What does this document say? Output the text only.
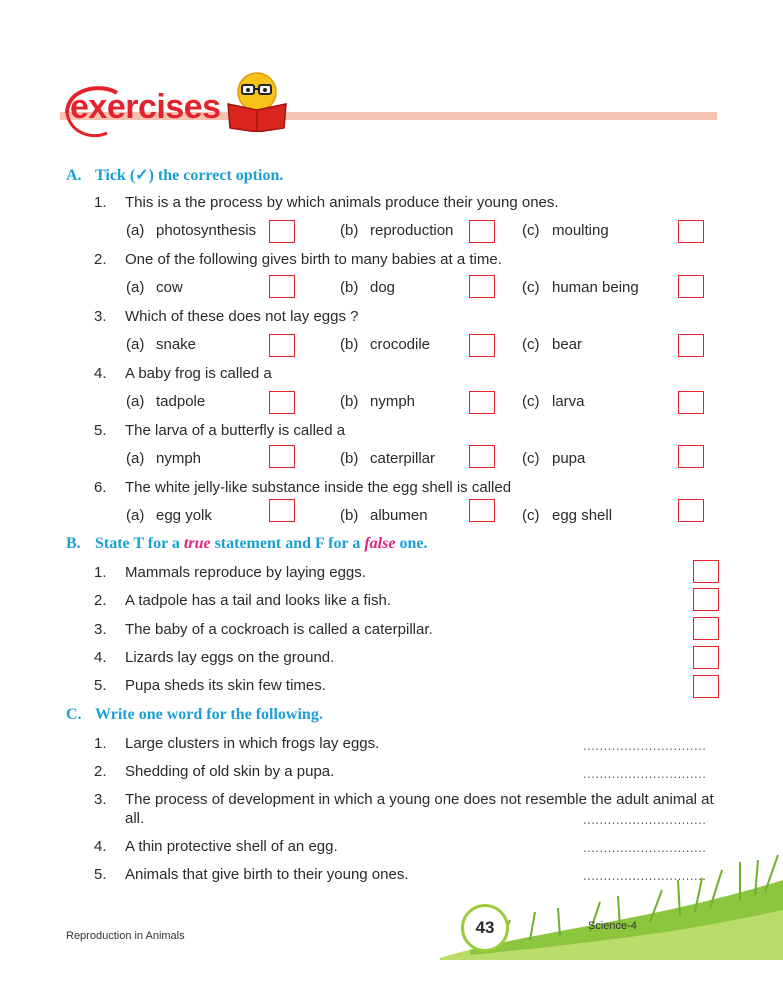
exercises
A. Tick (✓) the correct option.
1. This is a the process by which animals produce their young ones.
(a) photosynthesis	(b) reproduction	(c) moulting
2. One of the following gives birth to many babies at a time.
(a) cow	(b) dog	(c) human being
3. Which of these does not lay eggs ?
(a) snake	(b) crocodile	(c) bear
4. A baby frog is called a
(a) tadpole	(b) nymph	(c) larva
5. The larva of a butterfly is called a
(a) nymph	(b) caterpillar	(c) pupa
6. The white jelly-like substance inside the egg shell is called
(a) egg yolk	(b) albumen	(c) egg shell
B. State T for a true statement and F for a false one.
1. Mammals reproduce by laying eggs.
2. A tadpole has a tail and looks like a fish.
3. The baby of a cockroach is called a caterpillar.
4. Lizards lay eggs on the ground.
5. Pupa sheds its skin few times.
C. Write one word for the following.
1. Large clusters in which frogs lay eggs.	..............................
2. Shedding of old skin by a pupa.	..............................
3. The process of development in which a young one does not resemble the adult animal at
all.	..............................
4. A thin protective shell of an egg.	..............................
5. Animals that give birth to their young ones.	..............................
Reproduction in Animals	43	Science-4
